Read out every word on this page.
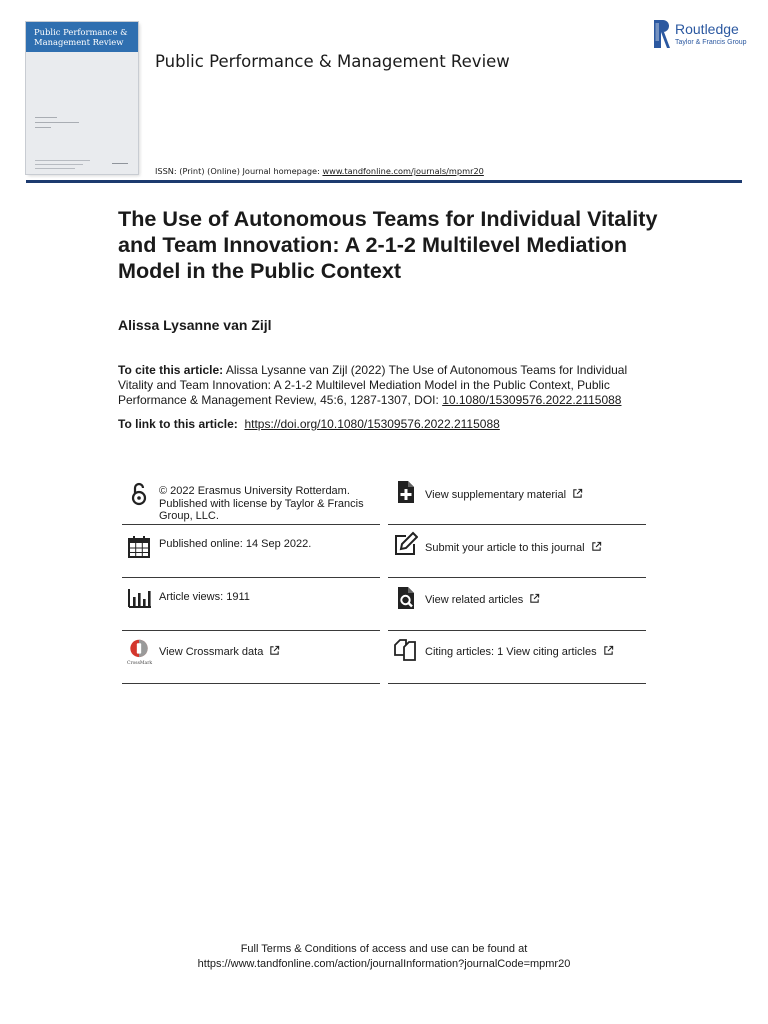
Public Performance & Management Review
Public Performance & Management Review
ISSN: (Print) (Online) Journal homepage: www.tandfonline.com/journals/mpmr20
Routledge
Taylor & Francis Group
The Use of Autonomous Teams for Individual Vitality and Team Innovation: A 2-1-2 Multilevel Mediation Model in the Public Context
Alissa Lysanne van Zijl
To cite this article: Alissa Lysanne van Zijl (2022) The Use of Autonomous Teams for Individual Vitality and Team Innovation: A 2-1-2 Multilevel Mediation Model in the Public Context, Public Performance & Management Review, 45:6, 1287-1307, DOI: 10.1080/15309576.2022.2115088
To link to this article: https://doi.org/10.1080/15309576.2022.2115088
© 2022 Erasmus University Rotterdam. Published with license by Taylor & Francis Group, LLC.
Published online: 14 Sep 2022.
Article views: 1911
CrossMark
View Crossmark data
View supplementary material
Submit your article to this journal
View related articles
Citing articles: 1 View citing articles
Full Terms & Conditions of access and use can be found at
https://www.tandfonline.com/action/journalInformation?journalCode=mpmr20
